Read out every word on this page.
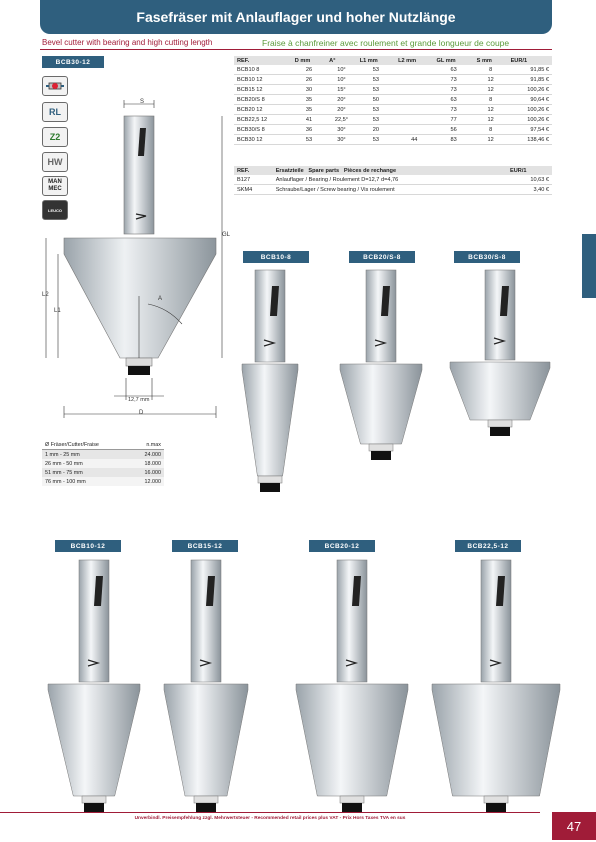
Fasefräser mit Anlauflager und hoher Nutzlänge
Bevel cutter with bearing and high cutting length	Fraise à chanfreiner avec roulement et grande longueur de coupe
BCB30-12
RL
Z2
HW
MAN MEC
LEUCO
S
GL
L2
L1
A
12,7 mm
D
REF.	D mm	A°	L1 mm	L2 mm	GL mm	S mm	EUR/1
BCB10 8	26	10°	53		63	8	91,85 €
BCB10 12	26	10°	53		73	12	91,85 €
BCB15 12	30	15°	53		73	12	100,26 €
BCB20/S 8	35	20°	50		63	8	90,64 €
BCB20 12	35	20°	53		73	12	100,26 €
BCB22,5 12	41	22,5°	53		77	12	100,26 €
BCB30/S 8	36	30°	20		56	8	97,54 €
BCB30 12	53	30°	53	44	83	12	138,46 €
REF.	Ersatzteile Spare parts Pièces de rechange	EUR/1
B127	Anlauflager / Bearing / Roulement D=12,7 d=4,76	10,63 €
SKM4	Schraube/Lager / Screw bearing / Vis roulement	3,40 €
Ø Fräser/Cutter/Fraise	n.max
1 mm - 25 mm	24.000
26 mm - 50 mm	18.000
51 mm - 75 mm	16.000
76 mm - 100 mm	12.000
BCB10-8	BCB20/S-8	BCB30/S-8
BCB10-12	BCB15-12	BCB20-12	BCB22,5-12
Unverbindl. Preisempfehlung zzgl. Mehrwertsteuer - Recommended retail prices plus VAT - Prix Hors Taxes TVA en sus	47
